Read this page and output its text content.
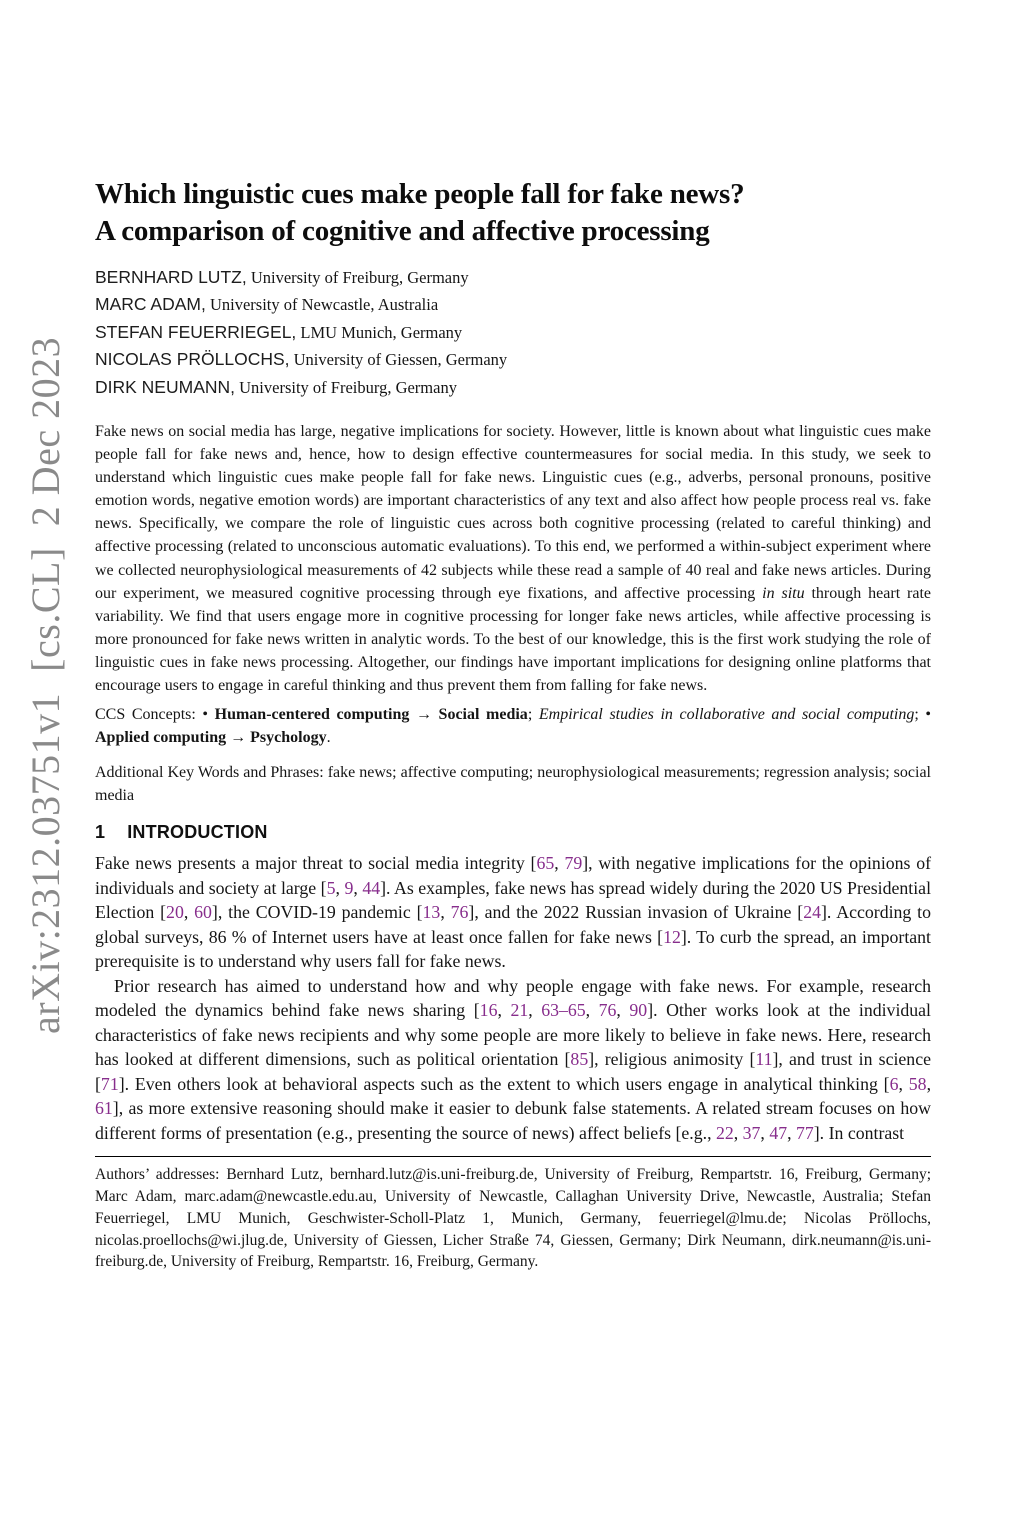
arXiv:2312.03751v1  [cs.CL]  2 Dec 2023
Which linguistic cues make people fall for fake news?
A comparison of cognitive and affective processing
BERNHARD LUTZ, University of Freiburg, Germany
MARC ADAM, University of Newcastle, Australia
STEFAN FEUERRIEGEL, LMU Munich, Germany
NICOLAS PRÖLLOCHS, University of Giessen, Germany
DIRK NEUMANN, University of Freiburg, Germany

Fake news on social media has large, negative implications for society. However, little is known about what linguistic cues make people fall for fake news and, hence, how to design effective countermeasures for social media. In this study, we seek to understand which linguistic cues make people fall for fake news. Linguistic cues (e.g., adverbs, personal pronouns, positive emotion words, negative emotion words) are important characteristics of any text and also affect how people process real vs. fake news. Specifically, we compare the role of linguistic cues across both cognitive processing (related to careful thinking) and affective processing (related to unconscious automatic evaluations). To this end, we performed a within-subject experiment where we collected neurophysiological measurements of 42 subjects while these read a sample of 40 real and fake news articles. During our experiment, we measured cognitive processing through eye fixations, and affective processing in situ through heart rate variability. We find that users engage more in cognitive processing for longer fake news articles, while affective processing is more pronounced for fake news written in analytic words. To the best of our knowledge, this is the first work studying the role of linguistic cues in fake news processing. Altogether, our findings have important implications for designing online platforms that encourage users to engage in careful thinking and thus prevent them from falling for fake news.

CCS Concepts: • Human-centered computing → Social media; Empirical studies in collaborative and social computing; • Applied computing → Psychology.

Additional Key Words and Phrases: fake news; affective computing; neurophysiological measurements; regression analysis; social media

1 INTRODUCTION

Fake news presents a major threat to social media integrity [65, 79], with negative implications for the opinions of individuals and society at large [5, 9, 44]. As examples, fake news has spread widely during the 2020 US Presidential Election [20, 60], the COVID-19 pandemic [13, 76], and the 2022 Russian invasion of Ukraine [24]. According to global surveys, 86 % of Internet users have at least once fallen for fake news [12]. To curb the spread, an important prerequisite is to understand why users fall for fake news.

Prior research has aimed to understand how and why people engage with fake news. For example, research modeled the dynamics behind fake news sharing [16, 21, 63–65, 76, 90]. Other works look at the individual characteristics of fake news recipients and why some people are more likely to believe in fake news. Here, research has looked at different dimensions, such as political orientation [85], religious animosity [11], and trust in science [71]. Even others look at behavioral aspects such as the extent to which users engage in analytical thinking [6, 58, 61], as more extensive reasoning should make it easier to debunk false statements. A related stream focuses on how different forms of presentation (e.g., presenting the source of news) affect beliefs [e.g., 22, 37, 47, 77]. In contrast

Authors’ addresses: Bernhard Lutz, bernhard.lutz@is.uni-freiburg.de, University of Freiburg, Rempartstr. 16, Freiburg, Germany; Marc Adam, marc.adam@newcastle.edu.au, University of Newcastle, Callaghan University Drive, Newcastle, Australia; Stefan Feuerriegel, LMU Munich, Geschwister-Scholl-Platz 1, Munich, Germany, feuerriegel@lmu.de; Nicolas Pröllochs, nicolas.proellochs@wi.jlug.de, University of Giessen, Licher Straße 74, Giessen, Germany; Dirk Neumann, dirk.neumann@is.uni-freiburg.de, University of Freiburg, Rempartstr. 16, Freiburg, Germany.
